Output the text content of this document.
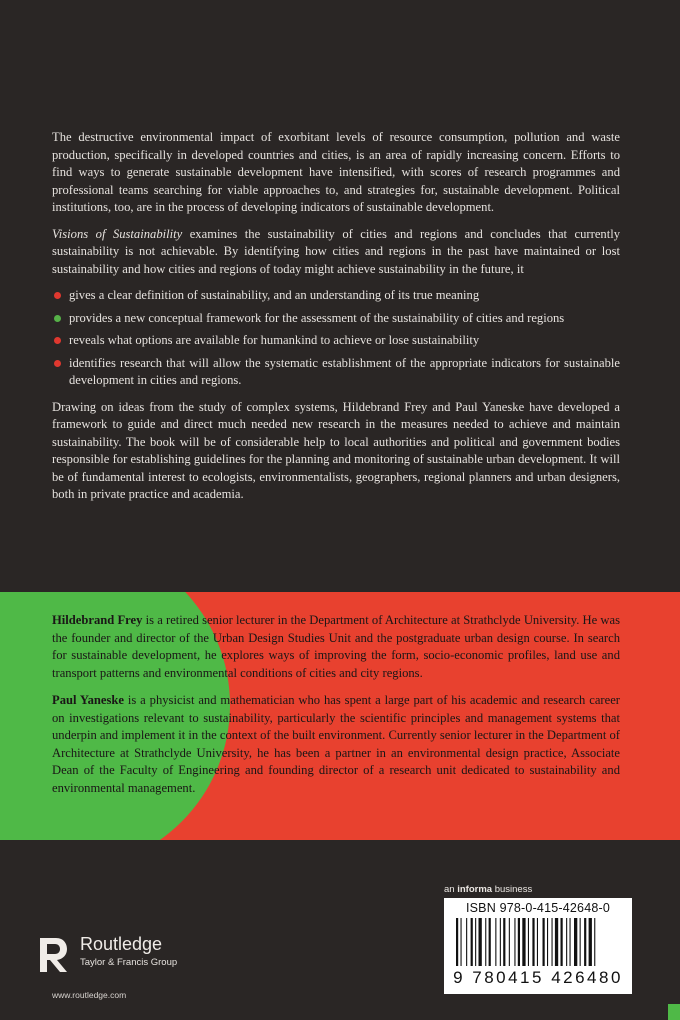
The destructive environmental impact of exorbitant levels of resource consumption, pollution and waste production, specifically in developed countries and cities, is an area of rapidly increasing concern. Efforts to find ways to generate sustainable development have intensified, with scores of research programmes and professional teams searching for viable approaches to, and strategies for, sustainable development. Political institutions, too, are in the process of developing indicators of sustainable development.

Visions of Sustainability examines the sustainability of cities and regions and concludes that currently sustainability is not achievable. By identifying how cities and regions in the past have maintained or lost sustainability and how cities and regions of today might achieve sustainability in the future, it

gives a clear definition of sustainability, and an understanding of its true meaning
provides a new conceptual framework for the assessment of the sustainability of cities and regions
reveals what options are available for humankind to achieve or lose sustainability
identifies research that will allow the systematic establishment of the appropriate indicators for sustainable development in cities and regions.

Drawing on ideas from the study of complex systems, Hildebrand Frey and Paul Yaneske have developed a framework to guide and direct much needed new research in the measures needed to achieve and maintain sustainability. The book will be of considerable help to local authorities and political and government bodies responsible for establishing guidelines for the planning and monitoring of sustainable urban development. It will be of fundamental interest to ecologists, environmentalists, geographers, regional planners and urban designers, both in private practice and academia.

Hildebrand Frey is a retired senior lecturer in the Department of Architecture at Strathclyde University. He was the founder and director of the Urban Design Studies Unit and the postgraduate urban design course. In search for sustainable development, he explores ways of improving the form, socio-economic profiles, land use and transport patterns and environmental conditions of cities and city regions.

Paul Yaneske is a physicist and mathematician who has spent a large part of his academic and research career on investigations relevant to sustainability, particularly the scientific principles and management systems that underpin and implement it in the context of the built environment. Currently senior lecturer in the Department of Architecture at Strathclyde University, he has been a partner in an environmental design practice, Associate Dean of the Faculty of Engineering and founding director of a research unit dedicated to sustainability and environmental management.

an informa business
ISBN 978-0-415-42648-0
9 780415 426480
Routledge
Taylor & Francis Group
www.routledge.com
